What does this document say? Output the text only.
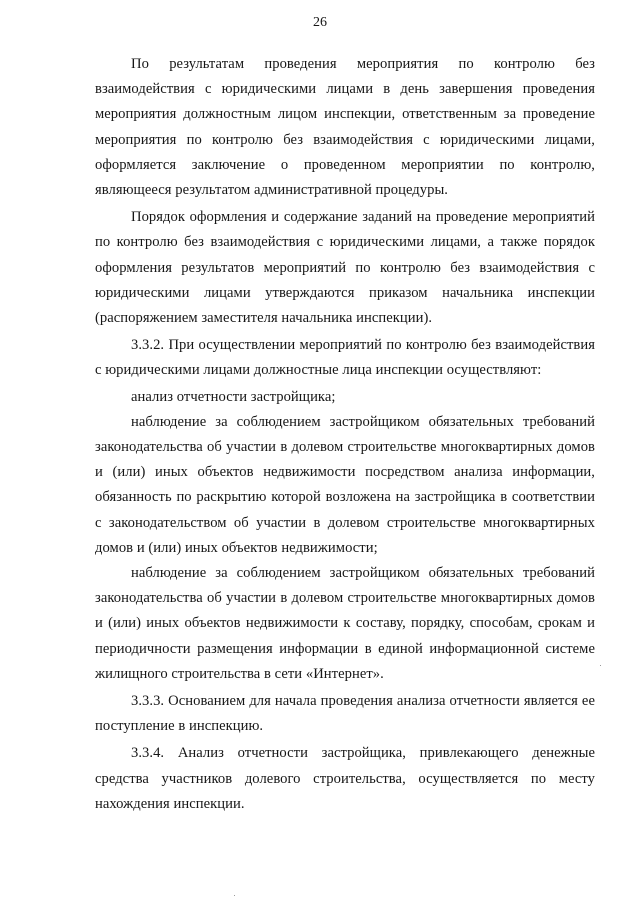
26

По результатам проведения мероприятия по контролю без взаимодействия с юридическими лицами в день завершения проведения мероприятия должностным лицом инспекции, ответственным за проведение мероприятия по контролю без взаимодействия с юридическими лицами, оформляется заключение о проведенном мероприятии по контролю, являющееся результатом административной процедуры.

Порядок оформления и содержание заданий на проведение мероприятий по контролю без взаимодействия с юридическими лицами, а также порядок оформления результатов мероприятий по контролю без взаимодействия с юридическими лицами утверждаются приказом начальника инспекции (распоряжением заместителя начальника инспекции).

3.3.2. При осуществлении мероприятий по контролю без взаимодействия с юридическими лицами должностные лица инспекции осуществляют:

анализ отчетности застройщика;

наблюдение за соблюдением застройщиком обязательных требований законодательства об участии в долевом строительстве многоквартирных домов и (или) иных объектов недвижимости посредством анализа информации, обязанность по раскрытию которой возложена на застройщика в соответствии с законодательством об участии в долевом строительстве многоквартирных домов и (или) иных объектов недвижимости;

наблюдение за соблюдением застройщиком обязательных требований законодательства об участии в долевом строительстве многоквартирных домов и (или) иных объектов недвижимости к составу, порядку, способам, срокам и периодичности размещения информации в единой информационной системе жилищного строительства в сети «Интернет».

3.3.3. Основанием для начала проведения анализа отчетности является ее поступление в инспекцию.

3.3.4. Анализ отчетности застройщика, привлекающего денежные средства участников долевого строительства, осуществляется по месту нахождения инспекции.
